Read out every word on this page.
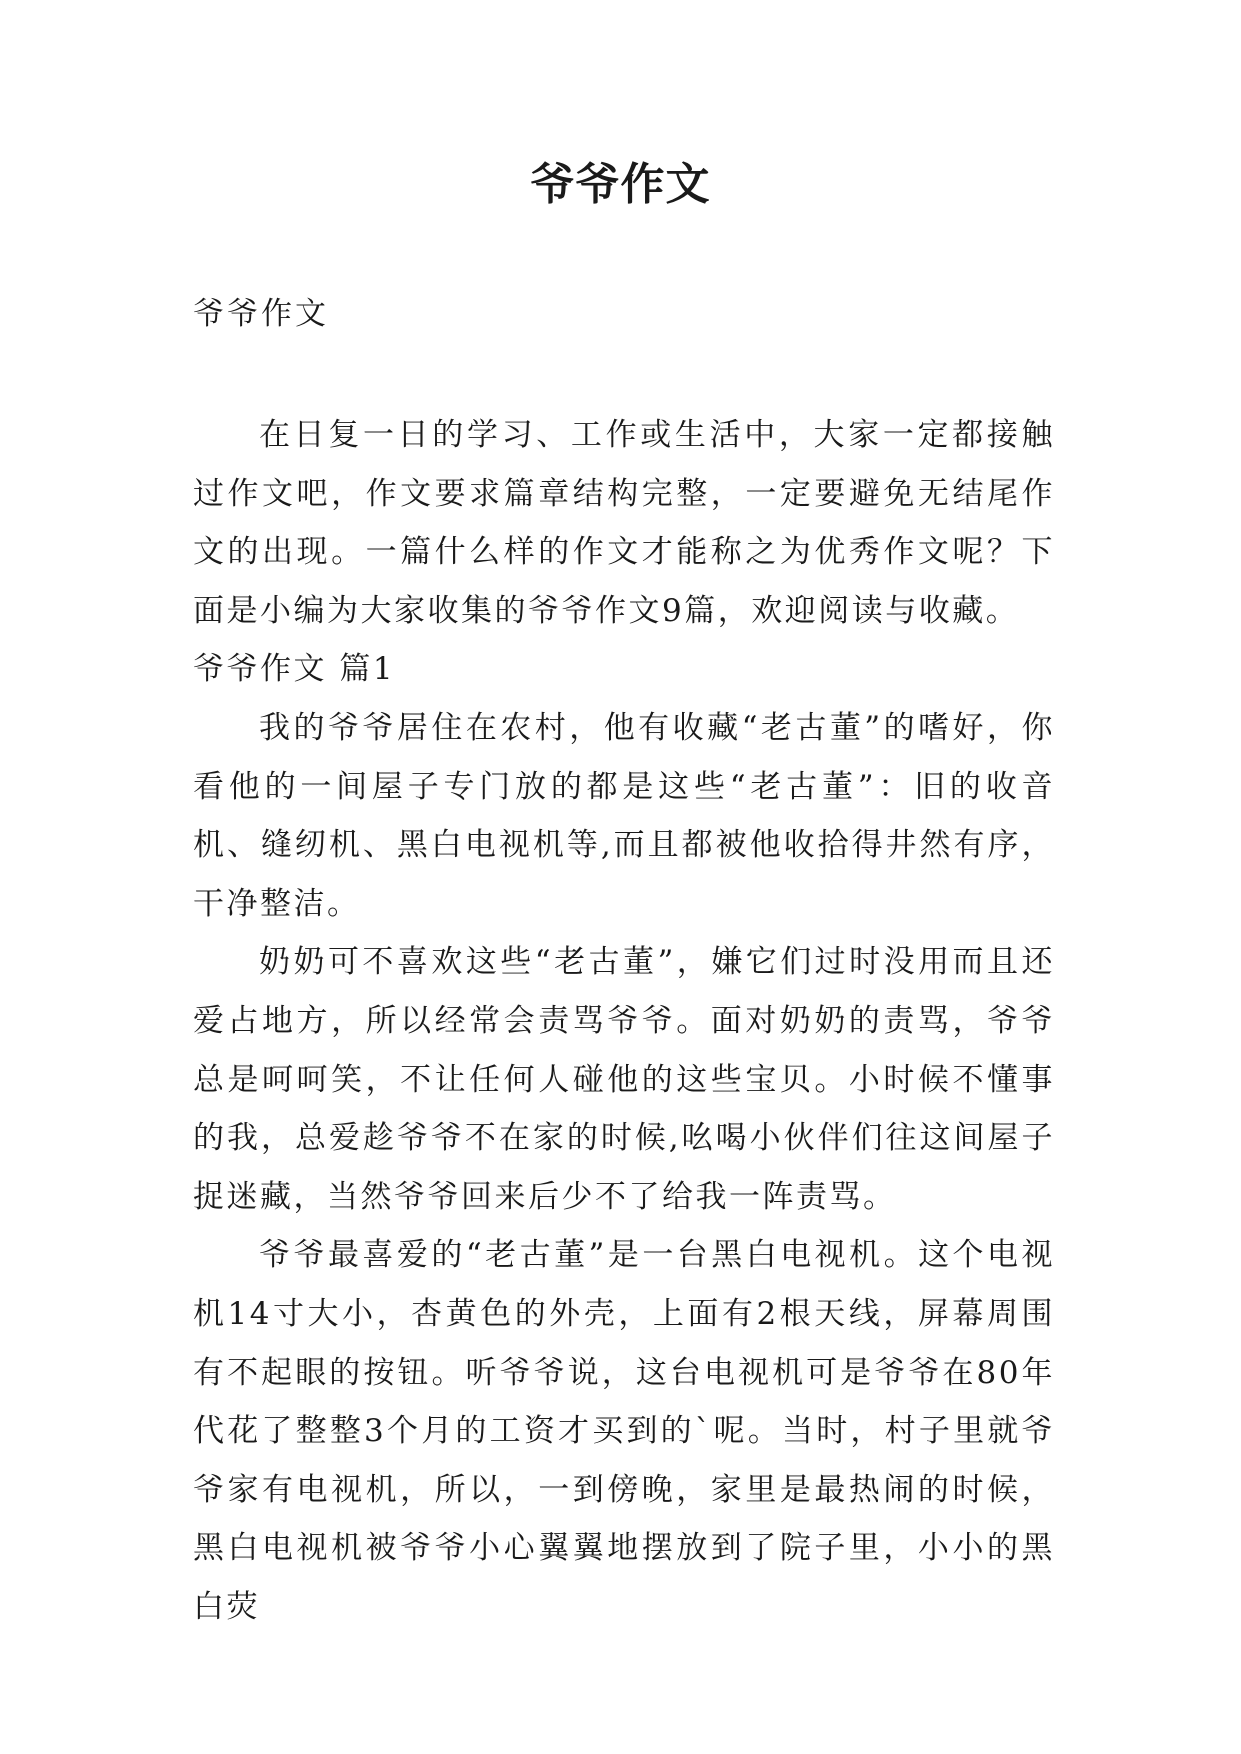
爷爷作文
爷爷作文

在日复一日的学习、工作或生活中，大家一定都接触过作文吧，作文要求篇章结构完整，一定要避免无结尾作文的出现。一篇什么样的作文才能称之为优秀作文呢？下面是小编为大家收集的爷爷作文9篇，欢迎阅读与收藏。

爷爷作文 篇1

我的爷爷居住在农村，他有收藏“老古董”的嗜好，你看他的一间屋子专门放的都是这些“老古董”：旧的收音机、缝纫机、黑白电视机等,而且都被他收拾得井然有序，干净整洁。

奶奶可不喜欢这些“老古董”，嫌它们过时没用而且还爱占地方，所以经常会责骂爷爷。面对奶奶的责骂，爷爷总是呵呵笑，不让任何人碰他的这些宝贝。小时候不懂事的我，总爱趁爷爷不在家的时候,吆喝小伙伴们往这间屋子捉迷藏，当然爷爷回来后少不了给我一阵责骂。

爷爷最喜爱的“老古董”是一台黑白电视机。这个电视机14寸大小，杏黄色的外壳，上面有2根天线，屏幕周围有不起眼的按钮。听爷爷说，这台电视机可是爷爷在80年代花了整整3个月的工资才买到的`呢。当时，村子里就爷爷家有电视机，所以，一到傍晚，家里是最热闹的时候，黑白电视机被爷爷小心翼翼地摆放到了院子里，小小的黑白荧
